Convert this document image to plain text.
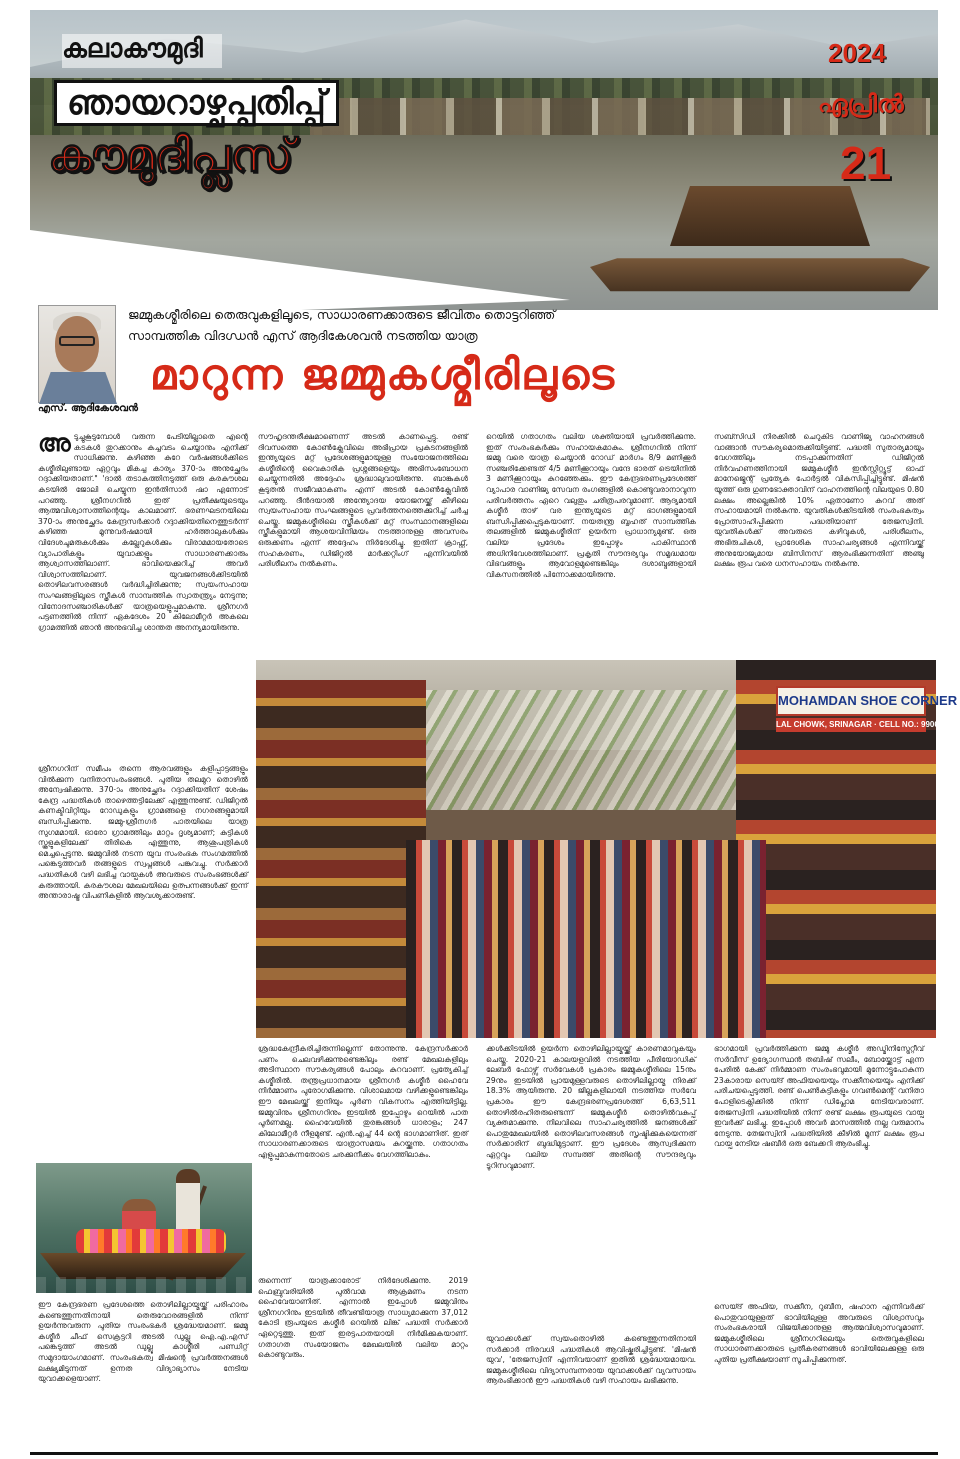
കലാകൗമുദി
ഞായറാഴ്ചപ്പതിപ്പ്
കൗമുദിപ്ലസ്
2024
ഏപ്രിൽ
21
എസ്. ആദികേശവൻ
ജമ്മുകശ്മീരിലെ തെരുവുകളിലൂടെ, സാധാരണക്കാരുടെ ജീവിതം തൊട്ടറിഞ്ഞ് സാമ്പത്തിക വിദഗ്ധൻ എസ് ആദികേശവൻ നടത്തിയ യാത്ര
മാറുന്ന ജമ്മുകശ്മീരിലൂടെ
അ ടുച്ചുകൂടുമ്പോൾ വരുന്ന പേടിയില്ലാതെ എന്റെ കടകൾ തുറക്കാനും കച്ചവടം ചെയ്യാനും എനിക്ക് സാധിക്കുന്നു. കഴിഞ്ഞ കുറേ വർഷങ്ങൾക്കിടെ കശ്മീരിലുണ്ടായ ഏറ്റവും മികച്ച കാര്യം 370-ാം അനുച്ഛേദം റദ്ദാക്കിയതാണ്." 'ദാൽ തടാകത്തിനടുത്ത് ഒരു കരകൗശല കടയിൽ ജോലി ചെയ്യുന്ന ഇൻതിസാർ ഷാ എന്നോട് പറഞ്ഞു. ശ്രീനഗറിൽ ഇത് പ്രതീക്ഷയുടെയും ആത്മവിശ്വാസത്തിന്റെയും കാലമാണ്. ഭരണഘടനയിലെ 370-ാം അനുച്ഛേദം കേന്ദ്രസർക്കാർ റദ്ദാക്കിയതിനെത്തുടർന്ന് കഴിഞ്ഞ മൂന്നുവർഷമായി ഹർത്താലുകൾക്കും വിദേശചുമരുകൾക്കും കല്ലേറുകൾക്കും വിരാമമായതോടെ വ്യാപാരികളും യുവാക്കളും സാധാരണക്കാരും ആശ്വാസത്തിലാണ്. ഭാവിയെക്കുറിച്ച് അവർ വിശ്വാസത്തിലാണ്. യുവജനങ്ങൾക്കിടയിൽ തൊഴിലവസരങ്ങൾ വർദ്ധിച്ചിരിക്കുന്നു; സ്വയംസഹായ സംഘങ്ങളിലൂടെ സ്ത്രീകൾ സാമ്പത്തിക സ്വാതന്ത്ര്യം നേടുന്നു; വിനോദസഞ്ചാരികൾക്ക് യാത്രയെളുപ്പമാകുന്നു. ശ്രീനഗർ പട്ടണത്തിൽ നിന്ന് ഏകദേശം 20 കിലോമീറ്റർ അകലെ ഗ്രാമത്തിൽ ഞാൻ അനുഭവിച്ച ശാന്തത അനന്യമായിരുന്നു.
ശ്രീനഗറിന് സമീപം തന്നെ ആരവങ്ങളും കളിപ്പാട്ടങ്ങളും വിൽക്കുന്ന വനിതാസംരംഭങ്ങൾ. പുതിയ തലമുറ തൊഴിൽ അന്വേഷിക്കുന്നു. 370-ാം അനുച്ഛേദം റദ്ദാക്കിയതിന് ശേഷം കേന്ദ്ര പദ്ധതികൾ താഴെത്തട്ടിലേക്ക് എത്തുന്നുണ്ട്. ഡിജിറ്റൽ കണക്ടിവിറ്റിയും റോഡുകളും ഗ്രാമങ്ങളെ നഗരങ്ങളുമായി ബന്ധിപ്പിക്കുന്നു. ജമ്മു-ശ്രീനഗർ പാതയിലെ യാത്ര സുഗമമായി. ഓരോ ഗ്രാമത്തിലും മാറ്റം ദൃശ്യമാണ്; കുട്ടികൾ സ്കൂളുകളിലേക്ക് തിരികെ എത്തുന്നു, ആശുപത്രികൾ മെച്ചപ്പെടുന്നു. ജമ്മുവിൽ നടന്ന യുവ സംരംഭക സംഗമത്തിൽ പങ്കെടുത്തവർ തങ്ങളുടെ സ്വപ്നങ്ങൾ പങ്കുവച്ചു. സർക്കാർ പദ്ധതികൾ വഴി ലഭിച്ച വായ്പകൾ അവരുടെ സംരംഭങ്ങൾക്ക് കരുത്തായി. കരകൗശല മേഖലയിലെ ഉത്പന്നങ്ങൾക്ക് ഇന്ന് അന്താരാഷ്ട്ര വിപണികളിൽ ആവശ്യക്കാരുണ്ട്.
ഈ കേന്ദ്രഭരണ പ്രദേശത്തെ തൊഴിലില്ലായ്മയ്ക്ക് പരിഹാരം കണ്ടെത്തുന്നതിനായി തെരുവോരങ്ങളിൽ നിന്ന് ഉയർന്നുവരുന്ന പുതിയ സംരംഭകർ ശ്രദ്ധേയമാണ്. ജമ്മു കശ്മീർ ചീഫ് സെക്രട്ടറി അടൽ ഡുല്ലൂ ഐ.എ.എസ് പങ്കെടുത്ത് അടൽ ഡുല്ലൂ കാശ്മീരി പണ്ഡിറ്റ് സമുദായാംഗമാണ്. സംരംഭകത്വ മിഷന്റെ പ്രവർത്തനങ്ങൾ ലക്ഷ്യമിടുന്നത് ഉന്നത വിദ്യാഭ്യാസം നേടിയ യുവാക്കളെയാണ്.
സൗഹൃദന്തരീക്ഷമാണെന്ന് അടൽ കാണപ്പെട്ടു. രണ്ട് ദിവസത്തെ കോൺക്ലേവിലെ അഭിപ്രായ പ്രകടനങ്ങളിൽ ഇന്ത്യയുടെ മറ്റ് പ്രദേശങ്ങളുമായുള്ള സംയോജനത്തിലെ കശ്മീരിന്റെ വൈകാരിക പ്രശ്നങ്ങളെയും അഭിസംബോധന ചെയ്യുന്നതിൽ അദ്ദേഹം ശ്രദ്ധാലുവായിരുന്നു. ബാങ്കുകൾ കൂടുതൽ സജീവമാകണം എന്ന് അടൽ കോൺക്ലേവിൽ പറഞ്ഞു. ദീൻദയാൽ അന്ത്യോദയ യോജനയ്ക്ക് കീഴിലെ സ്വയംസഹായ സംഘങ്ങളുടെ പ്രവർത്തനത്തെക്കുറിച്ച് ചർച്ച ചെയ്തു. ജമ്മുകശ്മീരിലെ സ്ത്രീകൾക്ക് മറ്റ് സംസ്ഥാനങ്ങളിലെ സ്ത്രീകളുമായി ആശയവിനിമയം നടത്താനുള്ള അവസരം ഒരുക്കണം എന്ന് അദ്ദേഹം നിർദേശിച്ചു. ഇതിന് ക്രാഫ്റ്റ്, സഹകരണം, ഡിജിറ്റൽ മാർക്കറ്റിംഗ് എന്നിവയിൽ പരിശീലനം നൽകണം.
ശ്രദ്ധകേന്ദ്രീകരിച്ചിരുന്നില്ലെന്ന് തോന്നുന്നു. കേന്ദ്രസർക്കാർ പണം ചെലവഴിക്കുന്നുണ്ടെങ്കിലും രണ്ട് മേഖലകളിലും അടിസ്ഥാന സൗകര്യങ്ങൾ പോലും കുറവാണ്. പ്രത്യേകിച്ച് കശ്മീരിൽ. തന്ത്രപ്രധാനമായ ശ്രീനഗർ കശ്മീർ ഹൈവേ നിർമ്മാണം പുരോഗമിക്കുന്നു. വിശാലമായ വഴിക്കളുണ്ടെങ്കിലും ഈ മേഖലയ്ക്ക് ഇനിയും പൂർണ വികസനം എത്തിയിട്ടില്ല. ജമ്മുവിനും ശ്രീനഗറിനും ഇടയിൽ ഇപ്പോഴും റെയിൽ പാത പൂർണമല്ല. ഹൈവേയിൽ തുരങ്കങ്ങൾ ധാരാളം; 247 കിലോമീറ്റർ നീളമുണ്ട്. എൻ.എച്ച് 44 ന്റെ ഭാഗമാണിത്. ഇത് സാധാരണക്കാരുടെ യാത്രാസമയം കുറയ്ക്കുന്നു. ഗതാഗതം എളുപ്പമാകുന്നതോടെ ചരക്കുനീക്കം വേഗത്തിലാകും.
രുന്നെന്ന് യാത്രക്കാരോട് നിർദേശിക്കുന്നു. 2019 ഫെബ്രുവരിയിൽ പുൽവാമ ആക്രമണം നടന്ന ഹൈവേയാണിത്. എന്നാൽ ഇപ്പോൾ ജമ്മുവിനും ശ്രീനഗറിനും ഇടയിൽ തീവണ്ടിയാത്ര സാധ്യമാക്കുന്ന 37,012 കോടി രൂപയുടെ കശ്മീർ റെയിൽ ലിങ്ക് പദ്ധതി സർക്കാർ ഏറ്റെടുത്തു. ഇത് ഇരട്ടപാതയായി നിർമിക്കുകയാണ്. ഗതാഗത സംയോജനം മേഖലയിൽ വലിയ മാറ്റം കൊണ്ടുവരും.
റെയിൽ ഗതാഗതം വലിയ ശക്തിയായി പ്രവർത്തിക്കുന്നു. ഇത് സംരംഭകർക്കും സഹായകമാകും. ശ്രീനഗറിൽ നിന്ന് ജമ്മു വരെ യാത്ര ചെയ്യാൻ റോഡ് മാർഗം 8/9 മണിക്കൂർ സഞ്ചരിക്കേണ്ടത് 4/5 മണിക്കൂറായും വന്ദേ ഭാരത് ട്രെയിനിൽ 3 മണിക്കൂറായും കുറഞ്ഞേക്കും. ഈ കേന്ദ്രഭരണപ്രദേശത്ത് വ്യാപാര വാണിജ്യ സേവന രംഗങ്ങളിൽ കൊണ്ടുവരാനാവുന്ന പരിവർത്തനം ഏറെ വലുതും ചരിത്രപരവുമാണ്. ആദ്യമായി കശ്മീർ താഴ് വര ഇന്ത്യയുടെ മറ്റ് ഭാഗങ്ങളുമായി ബന്ധിപ്പിക്കപ്പെടുകയാണ്. നയതന്ത്ര ബൃഹത് സാമ്പത്തിക തലങ്ങളിൽ ജമ്മുകശ്മീരിന് ഉയർന്ന പ്രാധാന്യമുണ്ട്. ഒരു വലിയ പ്രദേശം ഇപ്പോഴും പാകിസ്ഥാൻ അധിനിവേശത്തിലാണ്. പ്രകൃതി സൗന്ദര്യവും സമൃദ്ധമായ വിഭവങ്ങളും ആവോളമുണ്ടെങ്കിലും ദശാബ്ദങ്ങളായി വികസനത്തിൽ പിന്നോക്കമായിരുന്നു.
ക്കൾക്കിടയിൽ ഉയർന്ന തൊഴിലില്ലായ്മയ്ക്ക് കാരണമാവുകയും ചെയ്തു. 2020-21 കാലയളവിൽ നടത്തിയ പീരിയോഡിക് ലേബർ ഫോഴ്സ് സർവേകൾ പ്രകാരം ജമ്മുകശ്മീരിലെ 15നും 29നും ഇടയിൽ പ്രായമുള്ളവരുടെ തൊഴിലില്ലായ്മ നിരക്ക് 18.3% ആയിരുന്നു. 20 ജില്ലകളിലായി നടത്തിയ സർവേ പ്രകാരം ഈ കേന്ദ്രഭരണപ്രദേശത്ത് 6,63,511 തൊഴിൽരഹിതരുണ്ടെന്ന് ജമ്മുകശ്മീർ തൊഴിൽവകുപ്പ് വ്യക്തമാക്കുന്നു. നിലവിലെ സാഹചര്യത്തിൽ ജനങ്ങൾക്ക് പൊതുമേഖലയിൽ തൊഴിലവസരങ്ങൾ സൃഷ്ടിക്കുകയെന്നത് സർക്കാരിന് ബുദ്ധിമുട്ടാണ്. ഈ പ്രദേശം ആസ്വദിക്കുന്ന ഏറ്റവും വലിയ സമ്പത്ത് അതിന്റെ സൗന്ദര്യവും ടൂറിസവുമാണ്.
യുവാക്കൾക്ക് സ്വയംതൊഴിൽ കണ്ടെത്തുന്നതിനായി സർക്കാർ നിരവധി പദ്ധതികൾ ആവിഷ്കരിച്ചിട്ടുണ്ട്. 'മിഷൻ യുവ', 'തേജസ്വിനി' എന്നിവയാണ് ഇതിൽ ശ്രദ്ധേയമായവ. ജമ്മുകശ്മീരിലെ വിദ്യാസമ്പന്നരായ യുവാക്കൾക്ക് വ്യവസായം ആരംഭിക്കാൻ ഈ പദ്ധതികൾ വഴി സഹായം ലഭിക്കുന്നു.
സബ്സിഡി നിരക്കിൽ ചെറുകിട വാണിജ്യ വാഹനങ്ങൾ വാങ്ങാൻ സൗകര്യമൊരുക്കിയിട്ടുണ്ട്. പദ്ധതി സുതാര്യമായും വേഗത്തിലും നടപ്പാക്കുന്നതിന് ഡിജിറ്റൽ നിർവഹണത്തിനായി ജമ്മുകശ്മീർ ഇൻസ്റ്റിറ്റ്യൂട്ട് ഓഫ് മാനേജ്മെന്റ് പ്രത്യേക പോർട്ടൽ വികസിപ്പിച്ചിട്ടുണ്ട്. മിഷൻ യൂത്ത് ഒരു ഗുണഭോക്താവിന് വാഹനത്തിന്റെ വിലയുടെ 0.80 ലക്ഷം അല്ലെങ്കിൽ 10% ഏതാണോ കുറവ് അത് സഹായമായി നൽകുന്നു. യുവതികൾക്കിടയിൽ സംരംഭകത്വം പ്രോത്സാഹിപ്പിക്കുന്ന പദ്ധതിയാണ് തേജസ്വിനി. യുവതികൾക്ക് അവരുടെ കഴിവുകൾ, പരിശീലനം, അഭിരുചികൾ, പ്രാദേശിക സാഹചര്യങ്ങൾ എന്നിവയ്ക്ക് അനുയോജ്യമായ ബിസിനസ് ആരംഭിക്കുന്നതിന് അഞ്ചു ലക്ഷം രൂപ വരെ ധനസഹായം നൽകുന്നു.
ഭാഗമായി പ്രവർത്തിക്കുന്ന ജമ്മു കശ്മീർ അഡ്മിനിസ്ട്രേറ്റീവ് സർവീസ് ഉദ്യോഗസ്ഥൻ തബിഷ് സലീം, ബോയ്ക്കോട്ട് എന്ന പേരിൽ കേക്ക് നിർമ്മാണ സംരംഭവുമായി മുന്നോട്ടുപോകുന്ന 23കാരായ സെയ്ദ് അഫിയയെയും സക്കീനയെയും എനിക്ക് പരിചയപ്പെടുത്തി. രണ്ട് പെൺകുട്ടികളും ഗവൺമെന്റ് വനിതാ പോളിടെക്നിക്കിൽ നിന്ന് ഡിപ്ലോമ നേടിയവരാണ്. തേജസ്വിനി പദ്ധതിയിൽ നിന്ന് രണ്ട് ലക്ഷം രൂപയുടെ വായ്പ ഇവർക്ക് ലഭിച്ചു. ഇപ്പോൾ അവർ മാസത്തിൽ നല്ല വരുമാനം നേടുന്നു. തേജസ്വിനി പദ്ധതിയിൽ കീഴിൽ മൂന്ന് ലക്ഷം രൂപ വായ്പ നേടിയ ഷബീർ ഒരു ബേക്കറി ആരംഭിച്ചു.
സെയ്ദ് അഫിയ, സക്കീന, റുബീന, ഷഹാന എന്നിവർക്ക് പൊതുവായുള്ളത് ഭാവിയിലുള്ള അവരുടെ വിശ്വാസവും സംരംഭകരായി വിജയിക്കാനുള്ള ആത്മവിശ്വാസവുമാണ്. ജമ്മുകശ്മീരിലെ ശ്രീനഗറിലെയും തെരുവുകളിലെ സാധാരണക്കാരുടെ പ്രതീകരണങ്ങൾ ഭാവിയിലേക്കുള്ള ഒരു പുതിയ പ്രതീക്ഷയാണ് സൂചിപ്പിക്കുന്നത്.
MOHAMDAN SHOE CORNER
LAL CHOWK, SRINAGAR · CELL NO.: 9906781
